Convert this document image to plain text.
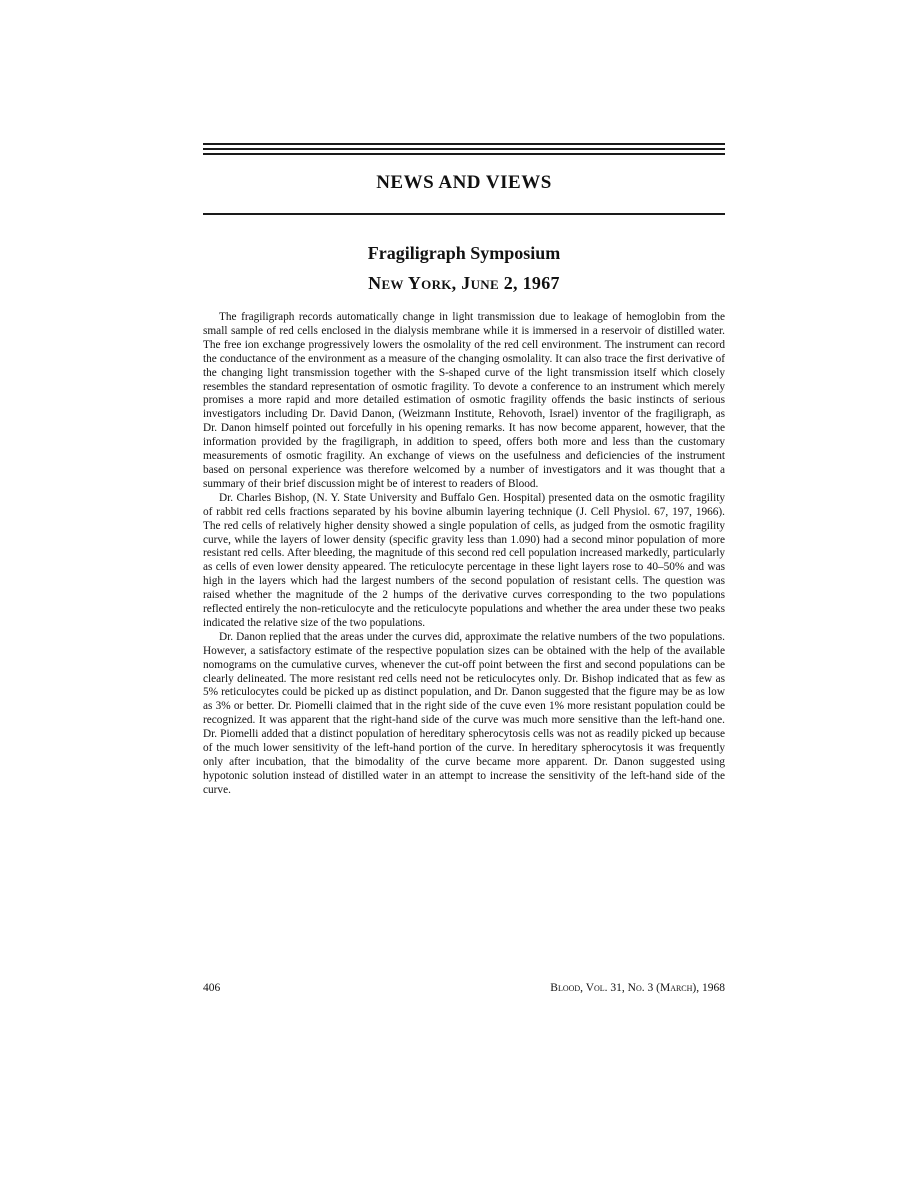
NEWS AND VIEWS
Fragiligraph Symposium
New York, June 2, 1967

The fragiligraph records automatically change in light transmission due to leakage of hemoglobin from the small sample of red cells enclosed in the dialysis membrane while it is immersed in a reservoir of distilled water. The free ion exchange progressively lowers the osmolality of the red cell environment. The instrument can record the conductance of the environment as a measure of the changing osmolality. It can also trace the first derivative of the changing light transmission together with the S-shaped curve of the light transmission itself which closely resembles the standard representation of osmotic fragility. To devote a conference to an instrument which merely promises a more rapid and more detailed estimation of osmotic fragility offends the basic instincts of serious investigators including Dr. David Danon, (Weizmann Institute, Rehovoth, Israel) inventor of the fragiligraph, as Dr. Danon himself pointed out forcefully in his opening remarks. It has now become apparent, however, that the information provided by the fragiligraph, in addition to speed, offers both more and less than the customary measurements of osmotic fragility. An exchange of views on the usefulness and deficiencies of the instrument based on personal experience was therefore welcomed by a number of investigators and it was thought that a summary of their brief discussion might be of interest to readers of Blood.

Dr. Charles Bishop, (N. Y. State University and Buffalo Gen. Hospital) presented data on the osmotic fragility of rabbit red cells fractions separated by his bovine albumin layering technique (J. Cell Physiol. 67, 197, 1966). The red cells of relatively higher density showed a single population of cells, as judged from the osmotic fragility curve, while the layers of lower density (specific gravity less than 1.090) had a second minor population of more resistant red cells. After bleeding, the magnitude of this second red cell population increased markedly, particularly as cells of even lower density appeared. The reticulocyte percentage in these light layers rose to 40–50% and was high in the layers which had the largest numbers of the second population of resistant cells. The question was raised whether the magnitude of the 2 humps of the derivative curves corresponding to the two populations reflected entirely the non-reticulocyte and the reticulocyte populations and whether the area under these two peaks indicated the relative size of the two populations.

Dr. Danon replied that the areas under the curves did, approximate the relative numbers of the two populations. However, a satisfactory estimate of the respective population sizes can be obtained with the help of the available nomograms on the cumulative curves, whenever the cut-off point between the first and second populations can be clearly delineated. The more resistant red cells need not be reticulocytes only. Dr. Bishop indicated that as few as 5% reticulocytes could be picked up as distinct population, and Dr. Danon suggested that the figure may be as low as 3% or better. Dr. Piomelli claimed that in the right side of the cuve even 1% more resistant population could be recognized. It was apparent that the right-hand side of the curve was much more sensitive than the left-hand one. Dr. Piomelli added that a distinct population of hereditary spherocytosis cells was not as readily picked up because of the much lower sensitivity of the left-hand portion of the curve. In hereditary spherocytosis it was frequently only after incubation, that the bimodality of the curve became more apparent. Dr. Danon suggested using hypotonic solution instead of distilled water in an attempt to increase the sensitivity of the left-hand side of the curve.

406	Blood, Vol. 31, No. 3 (March), 1968
